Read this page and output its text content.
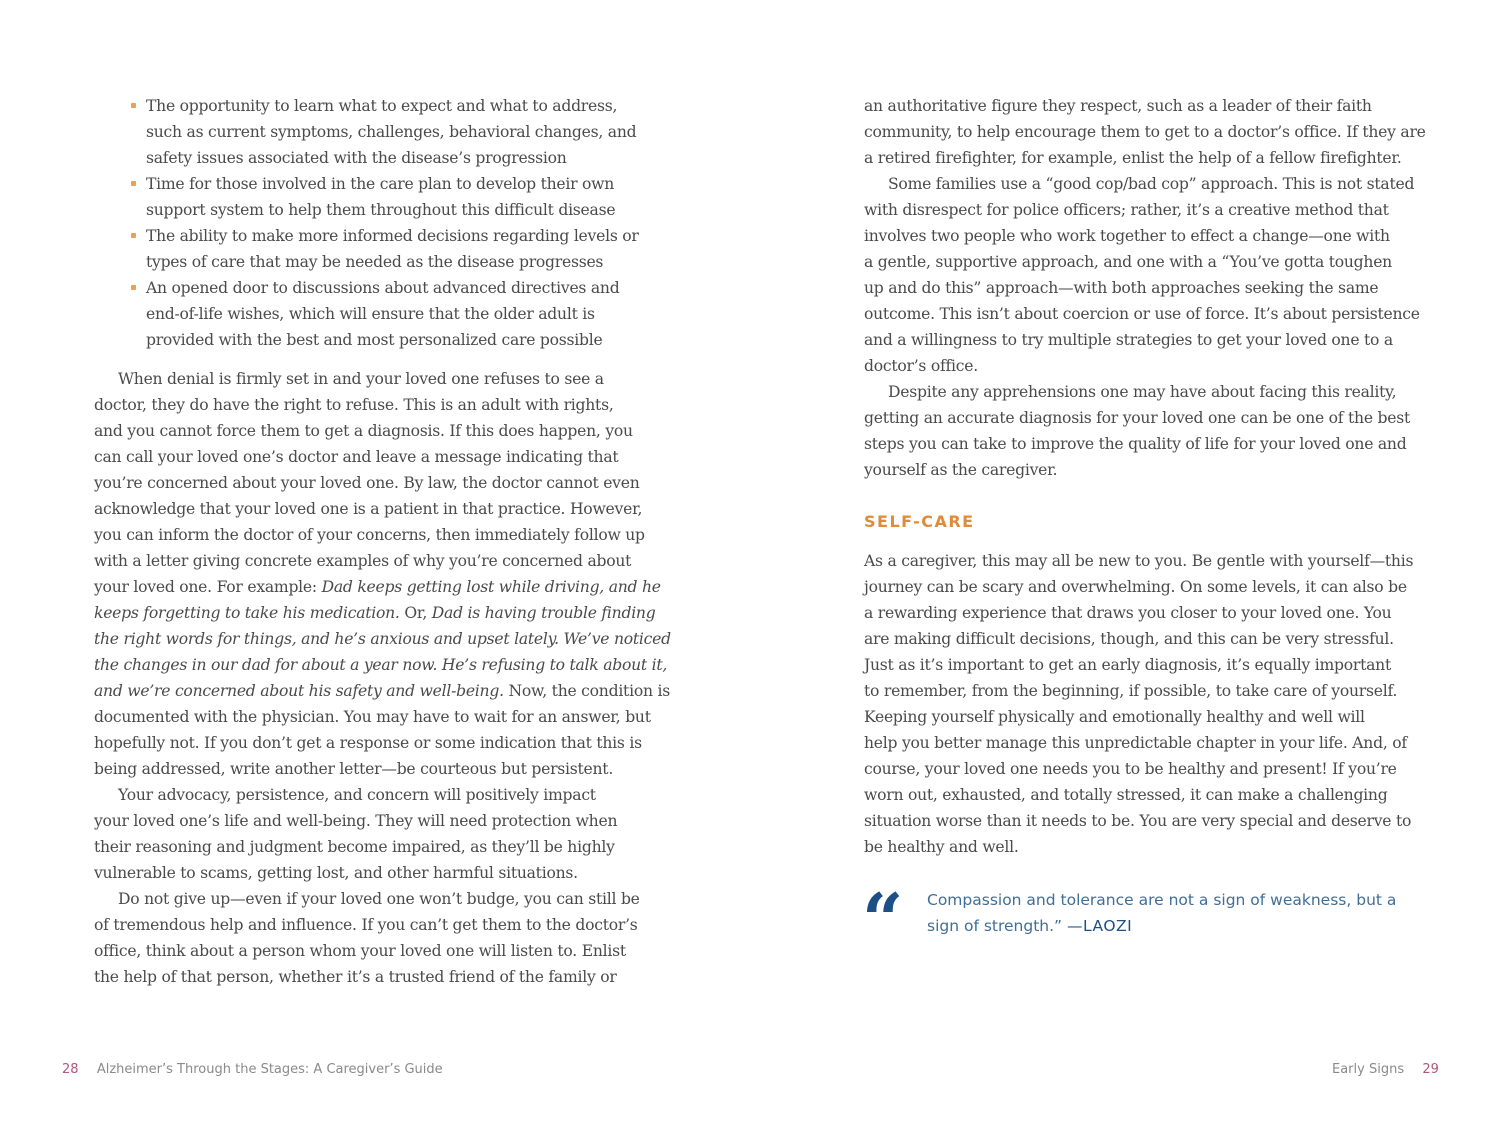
The opportunity to learn what to expect and what to address,
such as current symptoms, challenges, behavioral changes, and
safety issues associated with the disease’s progression
Time for those involved in the care plan to develop their own
support system to help them throughout this difficult disease
The ability to make more informed decisions regarding levels or
types of care that may be needed as the disease progresses
An opened door to discussions about advanced directives and
end-of-life wishes, which will ensure that the older adult is
provided with the best and most personalized care possible
When denial is firmly set in and your loved one refuses to see a
doctor, they do have the right to refuse. This is an adult with rights,
and you cannot force them to get a diagnosis. If this does happen, you
can call your loved one’s doctor and leave a message indicating that
you’re concerned about your loved one. By law, the doctor cannot even
acknowledge that your loved one is a patient in that practice. However,
you can inform the doctor of your concerns, then immediately follow up
with a letter giving concrete examples of why you’re concerned about
your loved one. For example: Dad keeps getting lost while driving, and he
keeps forgetting to take his medication. Or, Dad is having trouble finding
the right words for things, and he’s anxious and upset lately. We’ve noticed
the changes in our dad for about a year now. He’s refusing to talk about it,
and we’re concerned about his safety and well-being. Now, the condition is
documented with the physician. You may have to wait for an answer, but
hopefully not. If you don’t get a response or some indication that this is
being addressed, write another letter—be courteous but persistent.
Your advocacy, persistence, and concern will positively impact
your loved one’s life and well-being. They will need protection when
their reasoning and judgment become impaired, as they’ll be highly
vulnerable to scams, getting lost, and other harmful situations.
Do not give up—even if your loved one won’t budge, you can still be
of tremendous help and influence. If you can’t get them to the doctor’s
office, think about a person whom your loved one will listen to. Enlist
the help of that person, whether it’s a trusted friend of the family or
28 Alzheimer’s Through the Stages: A Caregiver’s Guide
an authoritative figure they respect, such as a leader of their faith
community, to help encourage them to get to a doctor’s office. If they are
a retired firefighter, for example, enlist the help of a fellow firefighter.
Some families use a “good cop/bad cop” approach. This is not stated
with disrespect for police officers; rather, it’s a creative method that
involves two people who work together to effect a change—one with
a gentle, supportive approach, and one with a “You’ve gotta toughen
up and do this” approach—with both approaches seeking the same
outcome. This isn’t about coercion or use of force. It’s about persistence
and a willingness to try multiple strategies to get your loved one to a
doctor’s office.
Despite any apprehensions one may have about facing this reality,
getting an accurate diagnosis for your loved one can be one of the best
steps you can take to improve the quality of life for your loved one and
yourself as the caregiver.
SELF-CARE
As a caregiver, this may all be new to you. Be gentle with yourself—this
journey can be scary and overwhelming. On some levels, it can also be
a rewarding experience that draws you closer to your loved one. You
are making difficult decisions, though, and this can be very stressful.
Just as it’s important to get an early diagnosis, it’s equally important
to remember, from the beginning, if possible, to take care of yourself.
Keeping yourself physically and emotionally healthy and well will
help you better manage this unpredictable chapter in your life. And, of
course, your loved one needs you to be healthy and present! If you’re
worn out, exhausted, and totally stressed, it can make a challenging
situation worse than it needs to be. You are very special and deserve to
be healthy and well.
“ Compassion and tolerance are not a sign of weakness, but a
sign of strength.” —LAOZI
Early Signs 29
